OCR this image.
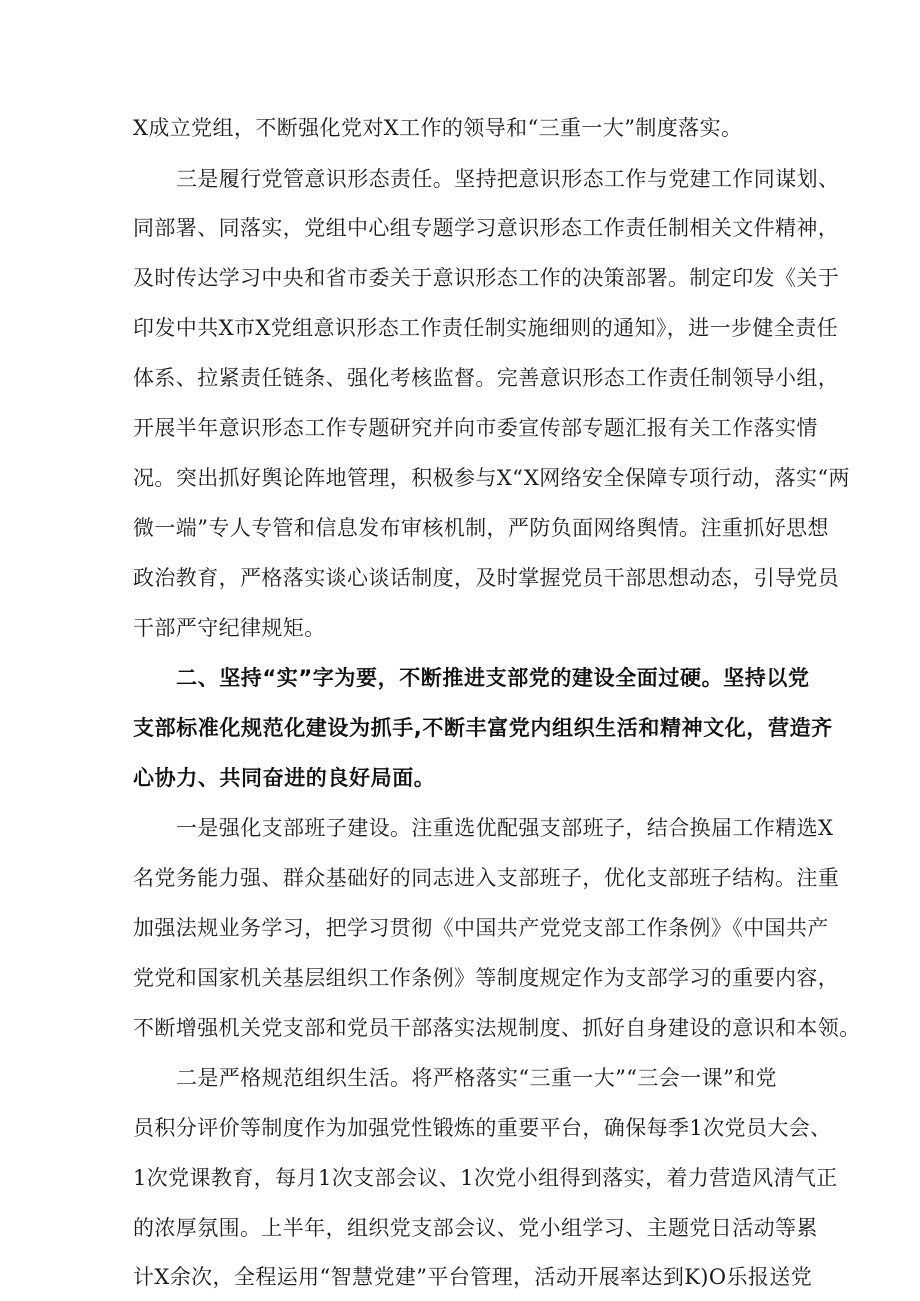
X成立党组，不断强化党对X工作的领导和“三重一大”制度落实。
三是履行党管意识形态责任。坚持把意识形态工作与党建工作同谋划、
同部署、同落实，党组中心组专题学习意识形态工作责任制相关文件精神，
及时传达学习中央和省市委关于意识形态工作的决策部署。制定印发《关于
印发中共X市X党组意识形态工作责任制实施细则的通知》，进一步健全责任
体系、拉紧责任链条、强化考核监督。完善意识形态工作责任制领导小组，
开展半年意识形态工作专题研究并向市委宣传部专题汇报有关工作落实情
况。突出抓好舆论阵地管理，积极参与X“X网络安全保障专项行动，落实“两
微一端”专人专管和信息发布审核机制，严防负面网络舆情。注重抓好思想
政治教育，严格落实谈心谈话制度，及时掌握党员干部思想动态，引导党员
干部严守纪律规矩。
二、坚持“实”字为要，不断推进支部党的建设全面过硬。坚持以党
支部标准化规范化建设为抓手,不断丰富党内组织生活和精神文化，营造齐
心协力、共同奋进的良好局面。
一是强化支部班子建设。注重选优配强支部班子，结合换届工作精选X
名党务能力强、群众基础好的同志进入支部班子，优化支部班子结构。注重
加强法规业务学习，把学习贯彻《中国共产党党支部工作条例》《中国共产
党党和国家机关基层组织工作条例》等制度规定作为支部学习的重要内容，
不断增强机关党支部和党员干部落实法规制度、抓好自身建设的意识和本领。
二是严格规范组织生活。将严格落实“三重一大”“三会一课”和党
员积分评价等制度作为加强党性锻炼的重要平台，确保每季1次党员大会、
1次党课教育，每月1次支部会议、1次党小组得到落实，着力营造风清气正
的浓厚氛围。上半年，组织党支部会议、党小组学习、主题党日活动等累
计X余次，全程运用“智慧党建”平台管理，活动开展率达到K)O乐报送党
